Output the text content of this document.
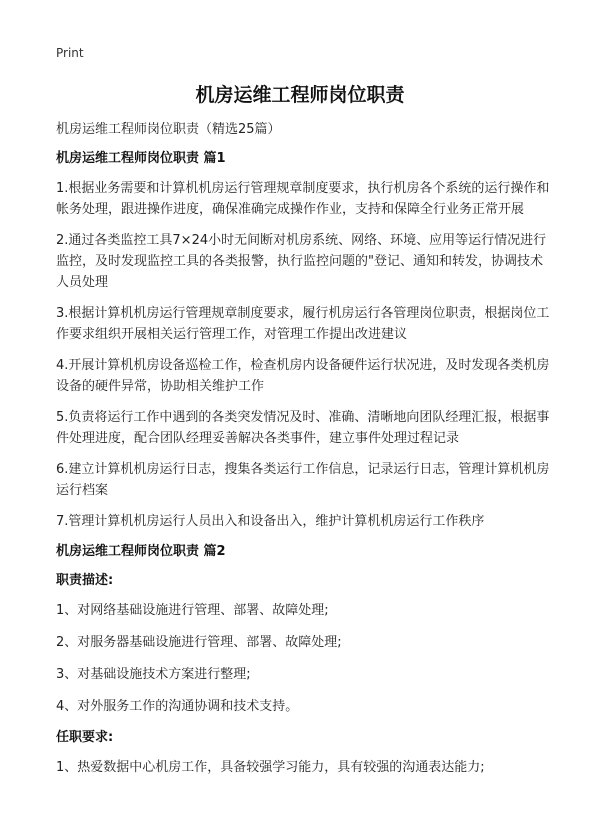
Print
机房运维工程师岗位职责

机房运维工程师岗位职责（精选25篇）

机房运维工程师岗位职责 篇1

1.根据业务需要和计算机机房运行管理规章制度要求，执行机房各个系统的运行操作和帐务处理，跟进操作进度，确保准确完成操作作业，支持和保障全行业务正常开展

2.通过各类监控工具7×24小时无间断对机房系统、网络、环境、应用等运行情况进行监控，及时发现监控工具的各类报警，执行监控问题的"登记、通知和转发，协调技术人员处理

3.根据计算机机房运行管理规章制度要求，履行机房运行各管理岗位职责，根据岗位工作要求组织开展相关运行管理工作，对管理工作提出改进建议

4.开展计算机机房设备巡检工作，检查机房内设备硬件运行状况进，及时发现各类机房设备的硬件异常，协助相关维护工作

5.负责将运行工作中遇到的各类突发情况及时、准确、清晰地向团队经理汇报，根据事件处理进度，配合团队经理妥善解决各类事件，建立事件处理过程记录

6.建立计算机机房运行日志，搜集各类运行工作信息，记录运行日志，管理计算机机房运行档案

7.管理计算机机房运行人员出入和设备出入，维护计算机机房运行工作秩序

机房运维工程师岗位职责 篇2

职责描述:

1、对网络基础设施进行管理、部署、故障处理;

2、对服务器基础设施进行管理、部署、故障处理;

3、对基础设施技术方案进行整理;

4、对外服务工作的沟通协调和技术支持。

任职要求:

1、热爱数据中心机房工作，具备较强学习能力，具有较强的沟通表达能力;
